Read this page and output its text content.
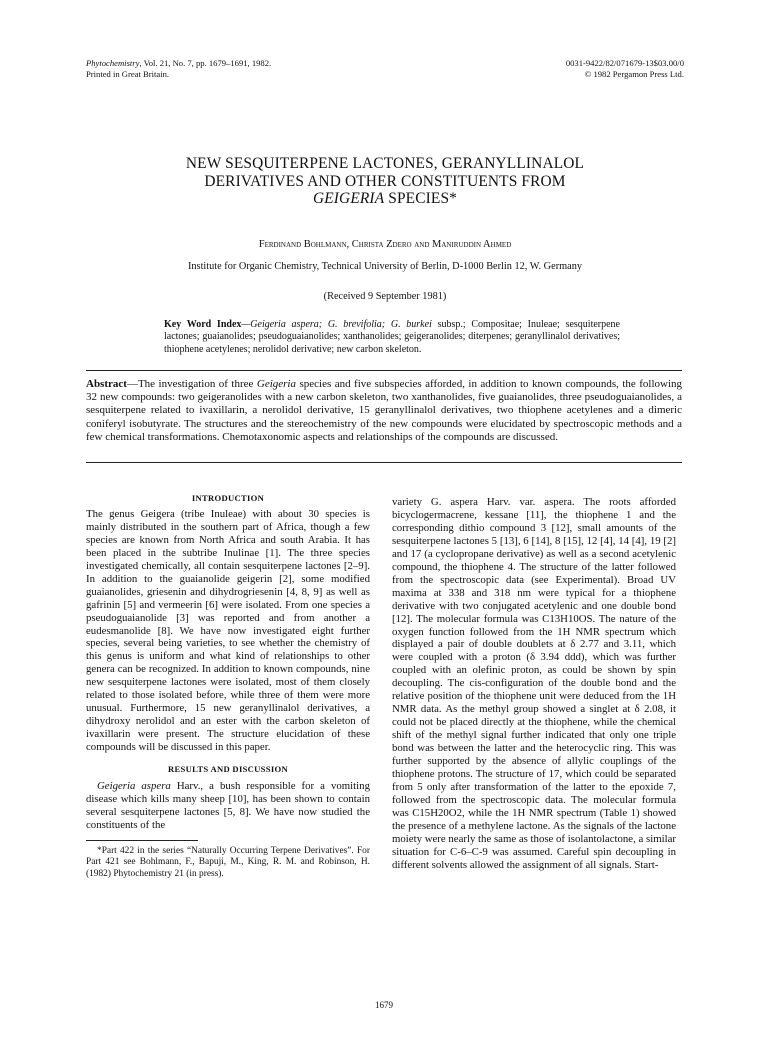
Phytochemistry, Vol. 21, No. 7, pp. 1679–1691, 1982.
Printed in Great Britain.
0031-9422/82/071679-13$03.00/0
© 1982 Pergamon Press Ltd.
NEW SESQUITERPENE LACTONES, GERANYLLINALOL
DERIVATIVES AND OTHER CONSTITUENTS FROM
GEIGERIA SPECIES*
Ferdinand Bohlmann, Christa Zdero and Maniruddin Ahmed
Institute for Organic Chemistry, Technical University of Berlin, D-1000 Berlin 12, W. Germany
(Received 9 September 1981)
Key Word Index—Geigeria aspera; G. brevifolia; G. burkei subsp.; Compositae; Inuleae; sesquiterpene lactones; guaianolides; pseudoguaianolides; xanthanolides; geigeranolides; diterpenes; geranyllinalol derivatives; thiophene acetylenes; nerolidol derivative; new carbon skeleton.
Abstract—The investigation of three Geigeria species and five subspecies afforded, in addition to known compounds, the following 32 new compounds: two geigeranolides with a new carbon skeleton, two xanthanolides, five guaianolides, three pseudoguaianolides, a sesquiterpene related to ivaxillarin, a nerolidol derivative, 15 geranyllinalol derivatives, two thiophene acetylenes and a dimeric coniferyl isobutyrate. The structures and the stereochemistry of the new compounds were elucidated by spectroscopic methods and a few chemical transformations. Chemotaxonomic aspects and relationships of the compounds are discussed.
INTRODUCTION

The genus Geigera (tribe Inuleae) with about 30 species is mainly distributed in the southern part of Africa, though a few species are known from North Africa and south Arabia. It has been placed in the subtribe Inulinae [1]. The three species investigated chemically, all contain sesquiterpene lactones [2–9]. In addition to the guaianolide geigerin [2], some modified guaianolides, griesenin and dihydrogriesenin [4, 8, 9] as well as gafrinin [5] and vermeerin [6] were isolated. From one species a pseudoguaianolide [3] was reported and from another a eudesmanolide [8]. We have now investigated eight further species, several being varieties, to see whether the chemistry of this genus is uniform and what kind of relationships to other genera can be recognized. In addition to known compounds, nine new sesquiterpene lactones were isolated, most of them closely related to those isolated before, while three of them were more unusual. Furthermore, 15 new geranyllinalol derivatives, a dihydroxy nerolidol and an ester with the carbon skeleton of ivaxillarin were present. The structure elucidation of these compounds will be discussed in this paper.

RESULTS AND DISCUSSION

Geigeria aspera Harv., a bush responsible for a vomiting disease which kills many sheep [10], has been shown to contain several sesquiterpene lactones [5, 8]. We have now studied the constituents of the

*Part 422 in the series “Naturally Occurring Terpene Derivatives”. For Part 421 see Bohlmann, F., Bapuji, M., King, R. M. and Robinson, H. (1982) Phytochemistry 21 (in press).

variety G. aspera Harv. var. aspera. The roots afforded bicyclogermacrene, kessane [11], the thiophene 1 and the corresponding dithio compound 3 [12], small amounts of the sesquiterpene lactones 5 [13], 6 [14], 8 [15], 12 [4], 14 [4], 19 [2] and 17 (a cyclopropane derivative) as well as a second acetylenic compound, the thiophene 4. The structure of the latter followed from the spectroscopic data (see Experimental). Broad UV maxima at 338 and 318 nm were typical for a thiophene derivative with two conjugated acetylenic and one double bond [12]. The molecular formula was C13H10OS. The nature of the oxygen function followed from the 1H NMR spectrum which displayed a pair of double doublets at δ 2.77 and 3.11, which were coupled with a proton (δ 3.94 ddd), which was further coupled with an olefinic proton, as could be shown by spin decoupling. The cis-configuration of the double bond and the relative position of the thiophene unit were deduced from the 1H NMR data. As the methyl group showed a singlet at δ 2.08, it could not be placed directly at the thiophene, while the chemical shift of the methyl signal further indicated that only one triple bond was between the latter and the heterocyclic ring. This was further supported by the absence of allylic couplings of the thiophene protons. The structure of 17, which could be separated from 5 only after transformation of the latter to the epoxide 7, followed from the spectroscopic data. The molecular formula was C15H20O2, while the 1H NMR spectrum (Table 1) showed the presence of a methylene lactone. As the signals of the lactone moiety were nearly the same as those of isolantolactone, a similar situation for C-6–C-9 was assumed. Careful spin decoupling in different solvents allowed the assignment of all signals. Start-

1679
